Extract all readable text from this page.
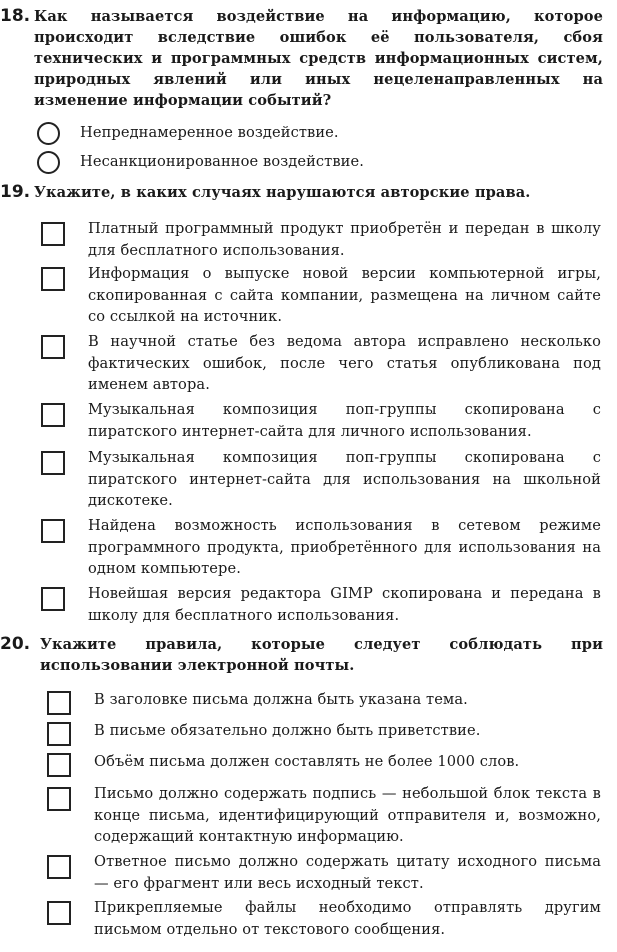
18. Как называется воздействие на информацию, которое происходит вследствие ошибок её пользователя, сбоя технических и программных средств информационных систем, природных явлений или иных нецеленаправленных на изменение информации событий?
Непреднамеренное воздействие.
Несанкционированное воздействие.
19. Укажите, в каких случаях нарушаются авторские права.
Платный программный продукт приобретён и передан в школу для бесплатного использования.
Информация о выпуске новой версии компьютерной игры, скопированная с сайта компании, размещена на личном сайте со ссылкой на источник.
В научной статье без ведома автора исправлено несколько фактических ошибок, после чего статья опубликована под именем автора.
Музыкальная композиция поп-группы скопирована с пиратского интернет-сайта для личного использования.
Музыкальная композиция поп-группы скопирована с пиратского интернет-сайта для использования на школьной дискотеке.
Найдена возможность использования в сетевом режиме программного продукта, приобретённого для использования на одном компьютере.
Новейшая версия редактора GIMP скопирована и передана в школу для бесплатного использования.
20. Укажите правила, которые следует соблюдать при использовании электронной почты.
В заголовке письма должна быть указана тема.
В письме обязательно должно быть приветствие.
Объём письма должен составлять не более 1000 слов.
Письмо должно содержать подпись — небольшой блок текста в конце письма, идентифицирующий отправителя и, возможно, содержащий контактную информацию.
Ответное письмо должно содержать цитату исходного письма — его фрагмент или весь исходный текст.
Прикрепляемые файлы необходимо отправлять другим письмом отдельно от текстового сообщения.
